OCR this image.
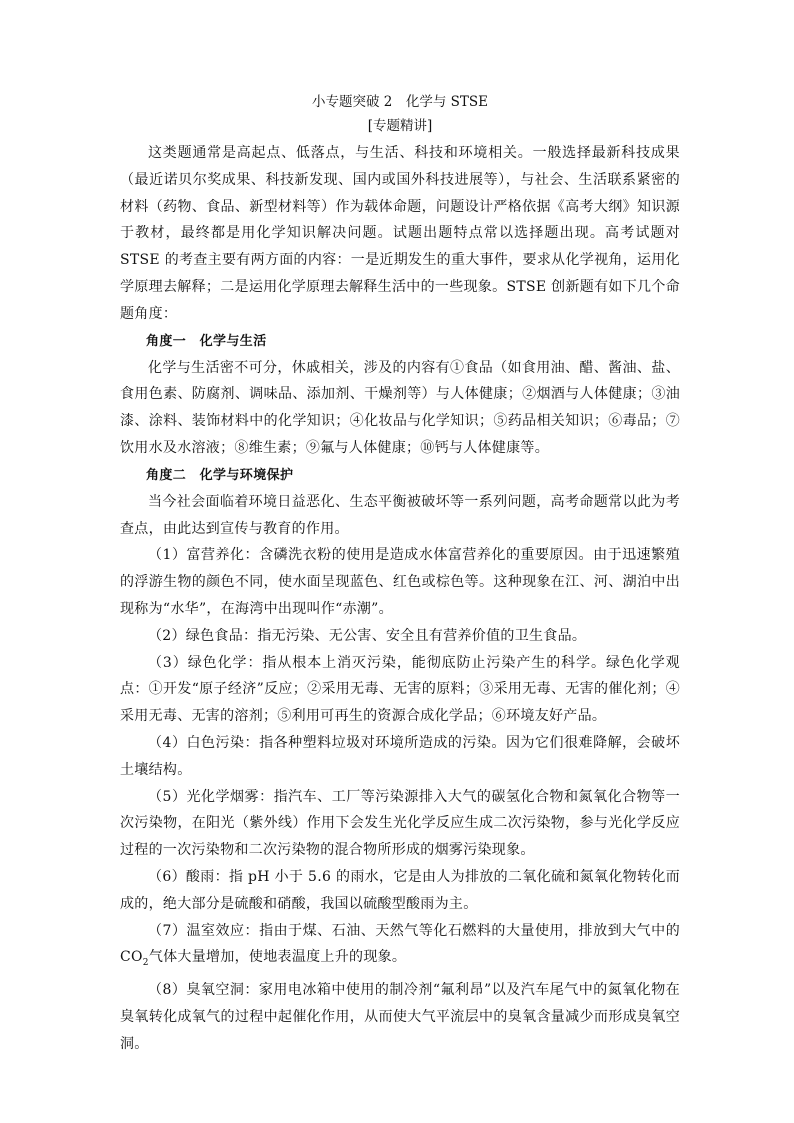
小专题突破 2　化学与 STSE
[专题精讲]

这类题通常是高起点、低落点，与生活、科技和环境相关。一般选择最新科技成果（最近诺贝尔奖成果、科技新发现、国内或国外科技进展等），与社会、生活联系紧密的材料（药物、食品、新型材料等）作为载体命题，问题设计严格依据《高考大纲》知识源于教材，最终都是用化学知识解决问题。试题出题特点常以选择题出现。高考试题对 STSE 的考查主要有两方面的内容：一是近期发生的重大事件，要求从化学视角，运用化学原理去解释；二是运用化学原理去解释生活中的一些现象。STSE 创新题有如下几个命题角度：

角度一　化学与生活

化学与生活密不可分，休戚相关，涉及的内容有①食品（如食用油、醋、酱油、盐、食用色素、防腐剂、调味品、添加剂、干燥剂等）与人体健康；②烟酒与人体健康；③油漆、涂料、装饰材料中的化学知识；④化妆品与化学知识；⑤药品相关知识；⑥毒品；⑦饮用水及水溶液；⑧维生素；⑨氟与人体健康；⑩钙与人体健康等。

角度二　化学与环境保护

当今社会面临着环境日益恶化、生态平衡被破坏等一系列问题，高考命题常以此为考查点，由此达到宣传与教育的作用。

（1）富营养化：含磷洗衣粉的使用是造成水体富营养化的重要原因。由于迅速繁殖的浮游生物的颜色不同，使水面呈现蓝色、红色或棕色等。这种现象在江、河、湖泊中出现称为“水华”，在海湾中出现叫作“赤潮”。

（2）绿色食品：指无污染、无公害、安全且有营养价值的卫生食品。

（3）绿色化学：指从根本上消灭污染，能彻底防止污染产生的科学。绿色化学观点：①开发“原子经济”反应；②采用无毒、无害的原料；③采用无毒、无害的催化剂；④采用无毒、无害的溶剂；⑤利用可再生的资源合成化学品；⑥环境友好产品。

（4）白色污染：指各种塑料垃圾对环境所造成的污染。因为它们很难降解，会破坏土壤结构。

（5）光化学烟雾：指汽车、工厂等污染源排入大气的碳氢化合物和氮氧化合物等一次污染物，在阳光（紫外线）作用下会发生光化学反应生成二次污染物，参与光化学反应过程的一次污染物和二次污染物的混合物所形成的烟雾污染现象。

（6）酸雨：指 pH 小于 5.6 的雨水，它是由人为排放的二氧化硫和氮氧化物转化而成的，绝大部分是硫酸和硝酸，我国以硫酸型酸雨为主。

（7）温室效应：指由于煤、石油、天然气等化石燃料的大量使用，排放到大气中的 $CO_2$气体大量增加，使地表温度上升的现象。

（8）臭氧空洞：家用电冰箱中使用的制冷剂“氟利昂”以及汽车尾气中的氮氧化物在臭氧转化成氧气的过程中起催化作用，从而使大气平流层中的臭氧含量减少而形成臭氧空洞。
